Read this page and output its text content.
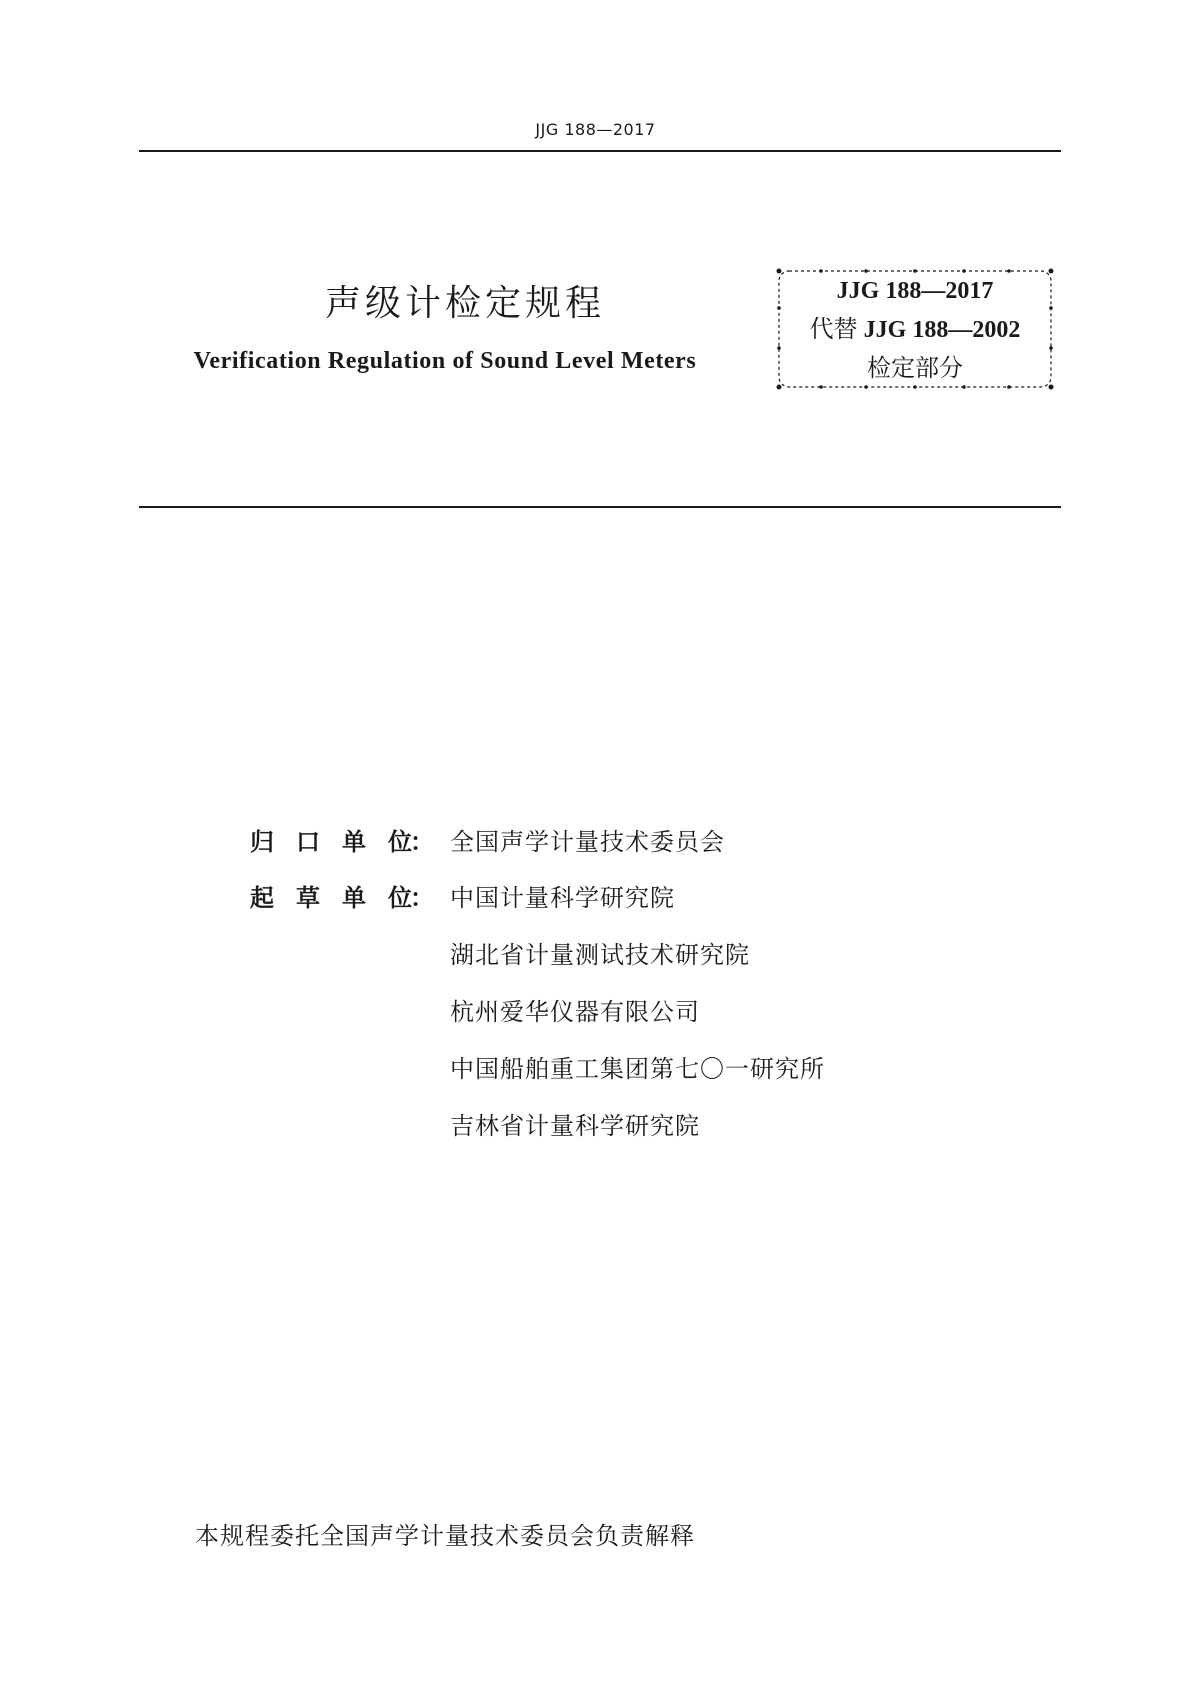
JJG 188—2017
声级计检定规程
Verification Regulation of Sound Level Meters
JJG 188—2017
代替 JJG 188—2002
检定部分
归 口 单 位： 全国声学计量技术委员会
起 草 单 位： 中国计量科学研究院
湖北省计量测试技术研究院
杭州爱华仪器有限公司
中国船舶重工集团第七〇一研究所
吉林省计量科学研究院
本规程委托全国声学计量技术委员会负责解释
